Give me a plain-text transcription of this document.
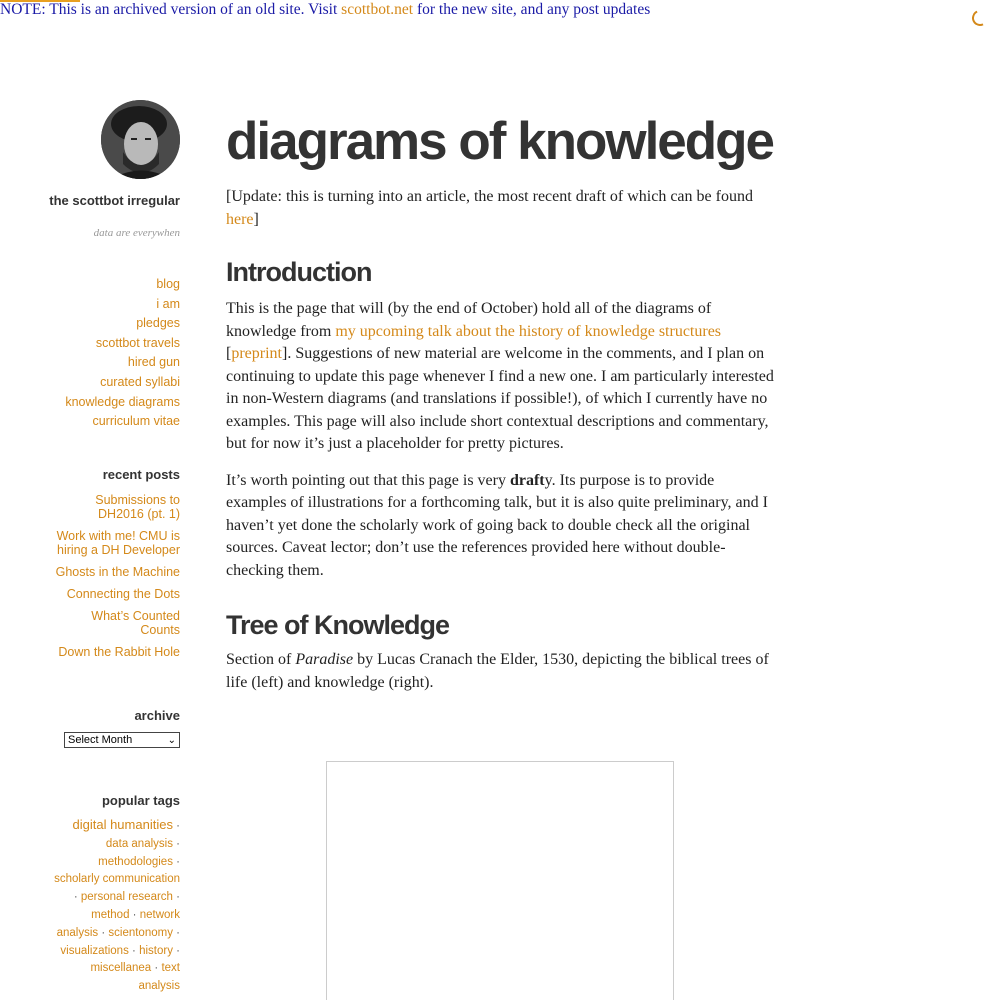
NOTE: This is an archived version of an old site. Visit scottbot.net for the new site, and any post updates
the scottbot irregular
data are everywhen
blog
i am
pledges
scottbot travels
hired gun
curated syllabi
knowledge diagrams
curriculum vitae
recent posts
Submissions to DH2016 (pt. 1)
Work with me! CMU is hiring a DH Developer
Ghosts in the Machine
Connecting the Dots
What’s Counted Counts
Down the Rabbit Hole
archive
Select Month	⌄
popular tags
digital humanities · data analysis · methodologies · scholarly communication · personal research · method · network analysis · scientonomy · visualizations · history · miscellanea · text analysis
diagrams of knowledge

[Update: this is turning into an article, the most recent draft of which can be found here]

Introduction

This is the page that will (by the end of October) hold all of the diagrams of knowledge from my upcoming talk about the history of knowledge structures [preprint]. Suggestions of new material are welcome in the comments, and I plan on continuing to update this page whenever I find a new one. I am particularly interested in non-Western diagrams (and translations if possible!), of which I currently have no examples. This page will also include short contextual descriptions and commentary, but for now it’s just a placeholder for pretty pictures.

It’s worth pointing out that this page is very drafty. Its purpose is to provide examples of illustrations for a forthcoming talk, but it is also quite preliminary, and I haven’t yet done the scholarly work of going back to double check all the original sources. Caveat lector; don’t use the references provided here without double-checking them.

Tree of Knowledge

Section of Paradise by Lucas Cranach the Elder, 1530, depicting the biblical trees of life (left) and knowledge (right).
